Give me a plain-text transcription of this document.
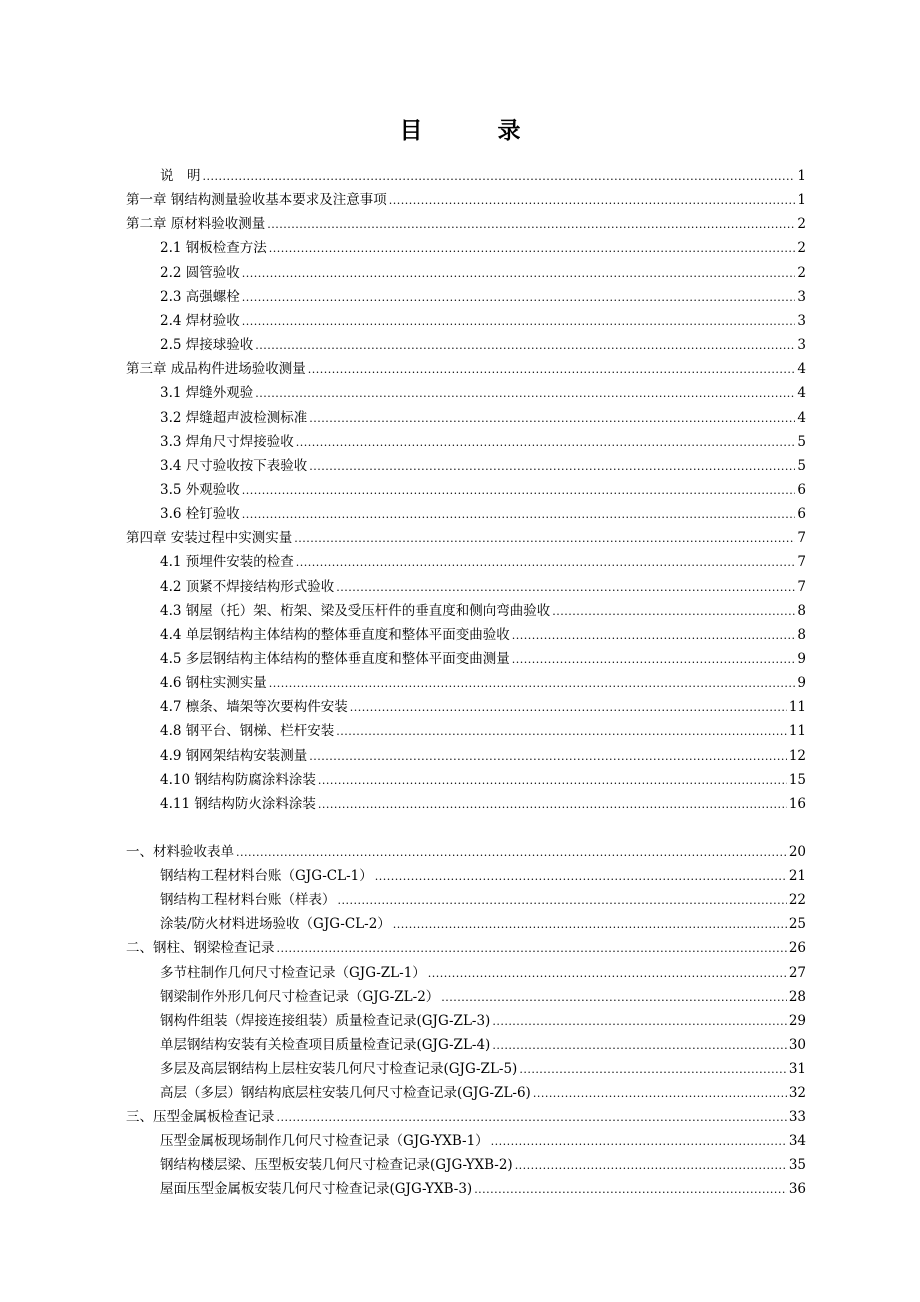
目　录
说　明 .....	1
第一章 钢结构测量验收基本要求及注意事项 .....	1
第二章 原材料验收测量 .....	2
2.1 钢板检查方法 .....	2
2.2 圆管验收 .....	2
2.3 高强螺栓 .....	3
2.4 焊材验收 .....	3
2.5 焊接球验收 .....	3
第三章 成品构件进场验收测量 .....	4
3.1 焊缝外观验 .....	4
3.2 焊缝超声波检测标准 .....	4
3.3 焊角尺寸焊接验收 .....	5
3.4 尺寸验收按下表验收 .....	5
3.5 外观验收 .....	6
3.6 栓钉验收 .....	6
第四章 安装过程中实测实量 .....	7
4.1 预埋件安装的检查 .....	7
4.2 顶紧不焊接结构形式验收 .....	7
4.3 钢屋（托）架、桁架、梁及受压杆件的垂直度和侧向弯曲验收 .....	8
4.4 单层钢结构主体结构的整体垂直度和整体平面变曲验收 .....	8
4.5 多层钢结构主体结构的整体垂直度和整体平面变曲测量 .....	9
4.6 钢柱实测实量 .....	9
4.7 檩条、墙架等次要构件安装 .....	11
4.8 钢平台、钢梯、栏杆安装 .....	11
4.9 钢网架结构安装测量 .....	12
4.10 钢结构防腐涂料涂装 .....	15
4.11 钢结构防火涂料涂装 .....	16
一、材料验收表单 .....	20
钢结构工程材料台账（GJG-CL-1） .....	21
钢结构工程材料台账（样表） .....	22
涂装/防火材料进场验收（GJG-CL-2） .....	25
二、钢柱、钢梁检查记录 .....	26
多节柱制作几何尺寸检查记录（GJG-ZL-1） .....	27
钢梁制作外形几何尺寸检查记录（GJG-ZL-2） .....	28
钢构件组装（焊接连接组装）质量检查记录(GJG-ZL-3) .....	29
单层钢结构安装有关检查项目质量检查记录(GJG-ZL-4) .....	30
多层及高层钢结构上层柱安装几何尺寸检查记录(GJG-ZL-5) .....	31
高层（多层）钢结构底层柱安装几何尺寸检查记录(GJG-ZL-6) .....	32
三、压型金属板检查记录 .....	33
压型金属板现场制作几何尺寸检查记录（GJG-YXB-1） .....	34
钢结构楼层梁、压型板安装几何尺寸检查记录(GJG-YXB-2) .....	35
屋面压型金属板安装几何尺寸检查记录(GJG-YXB-3) .....	36
